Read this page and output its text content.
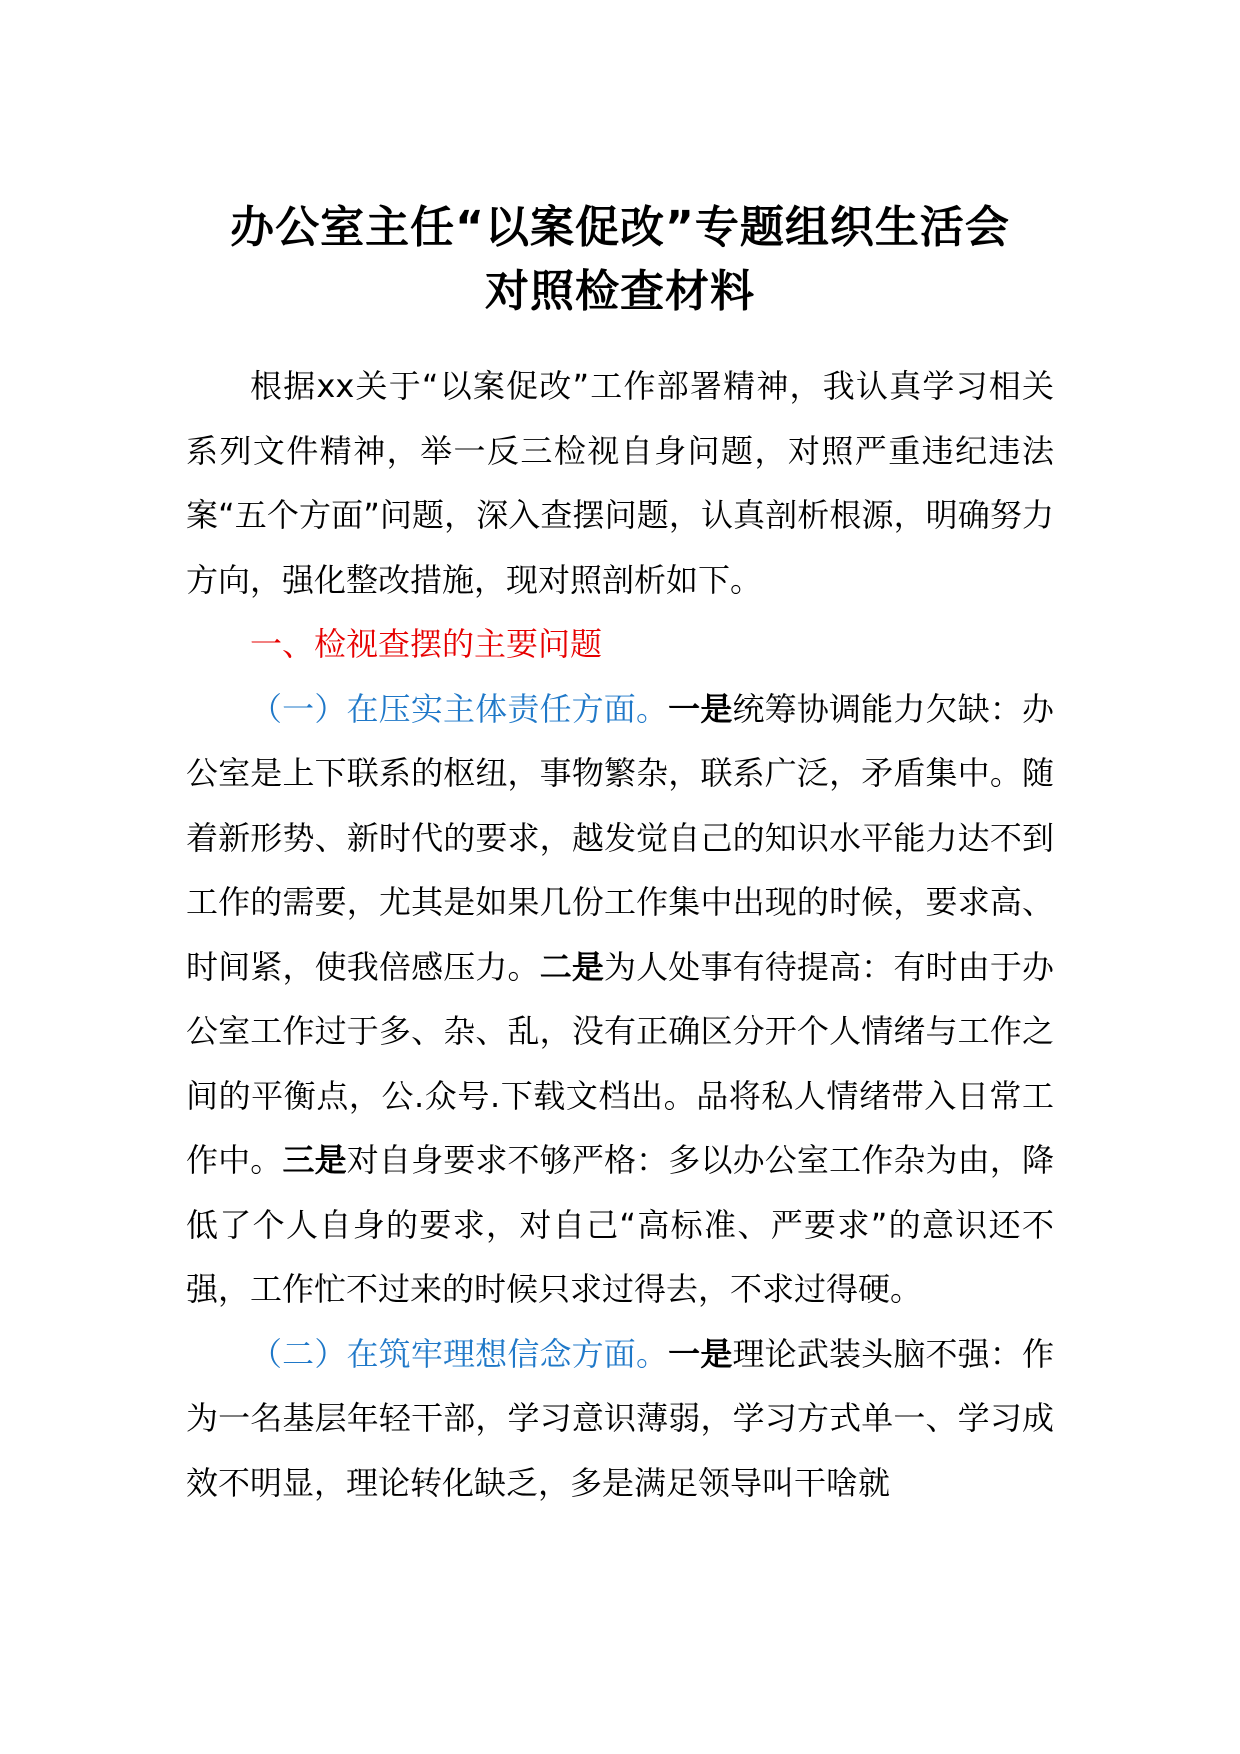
办公室主任“以案促改”专题组织生活会
对照检查材料

根据xx关于“以案促改”工作部署精神，我认真学习相关系列文件精神，举一反三检视自身问题，对照严重违纪违法案“五个方面”问题，深入查摆问题，认真剖析根源，明确努力方向，强化整改措施，现对照剖析如下。

一、检视查摆的主要问题

（一）在压实主体责任方面。一是统筹协调能力欠缺：办公室是上下联系的枢纽，事物繁杂，联系广泛，矛盾集中。随着新形势、新时代的要求，越发觉自己的知识水平能力达不到工作的需要，尤其是如果几份工作集中出现的时候，要求高、时间紧，使我倍感压力。二是为人处事有待提高：有时由于办公室工作过于多、杂、乱，没有正确区分开个人情绪与工作之间的平衡点，公.众号.下载文档出。品将私人情绪带入日常工作中。三是对自身要求不够严格：多以办公室工作杂为由，降低了个人自身的要求，对自己“高标准、严要求”的意识还不强，工作忙不过来的时候只求过得去，不求过得硬。

（二）在筑牢理想信念方面。一是理论武装头脑不强：作为一名基层年轻干部，学习意识薄弱，学习方式单一、学习成效不明显，理论转化缺乏，多是满足领导叫干啥就
